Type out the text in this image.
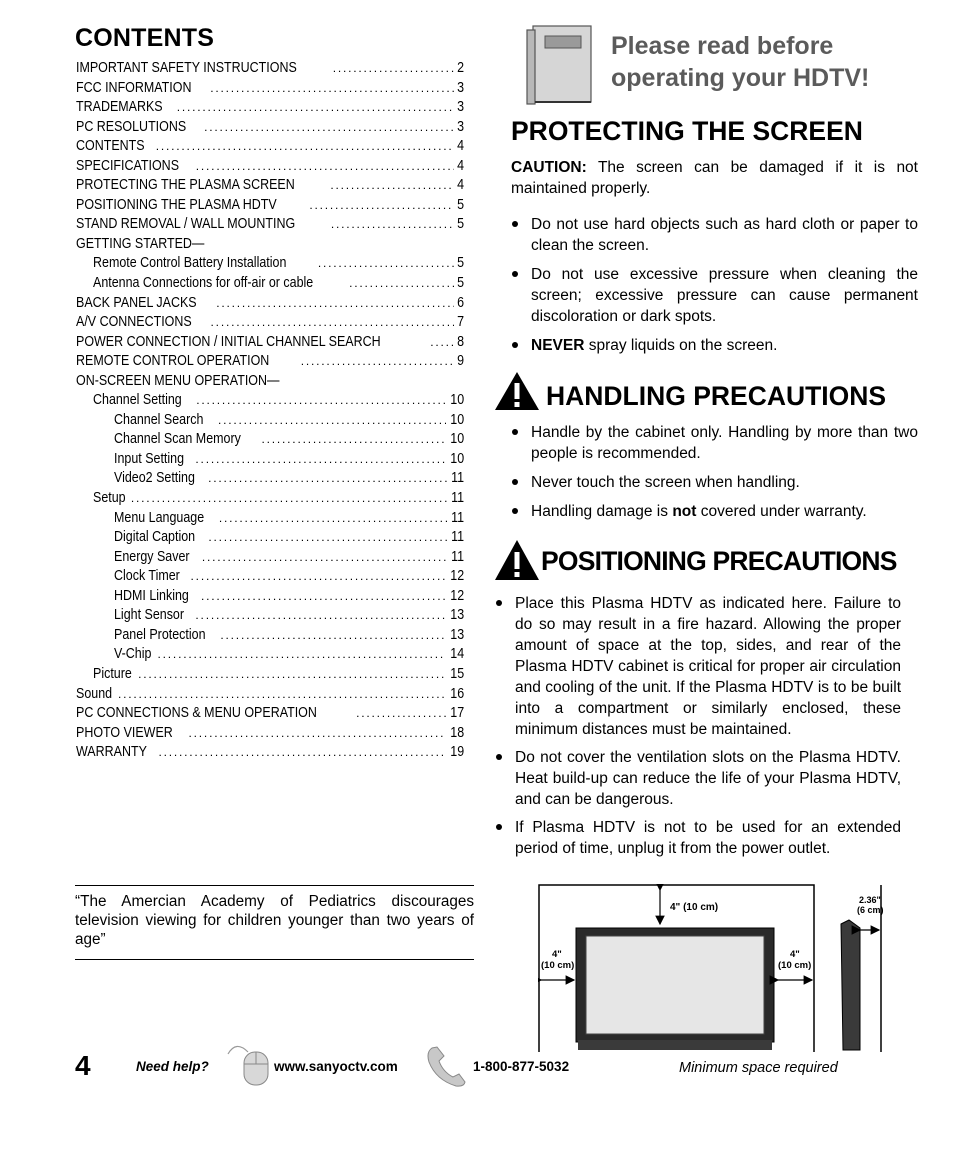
CONTENTS
IMPORTANT SAFETY INSTRUCTIONS .....	2
FCC INFORMATION .....	3
TRADEMARKS .....	3
PC RESOLUTIONS .....	3
CONTENTS .....	4
SPECIFICATIONS .....	4
PROTECTING THE PLASMA SCREEN .....	4
POSITIONING THE PLASMA HDTV .....	5
STAND REMOVAL / WALL MOUNTING .....	5
GETTING STARTED—
Remote Control Battery Installation .....	5
Antenna Connections for off-air or cable .....	5
BACK PANEL JACKS .....	6
A/V CONNECTIONS .....	7
POWER CONNECTION / INITIAL CHANNEL SEARCH .....	8
REMOTE CONTROL OPERATION .....	9
ON-SCREEN MENU OPERATION—
Channel Setting .....	10
Channel Search .....	10
Channel Scan Memory .....	10
Input Setting .....	10
Video2 Setting .....	11
Setup .....	11
Menu Language .....	11
Digital Caption .....	11
Energy Saver .....	11
Clock Timer .....	12
HDMI Linking .....	12
Light Sensor .....	13
Panel Protection .....	13
V-Chip .....	14
Picture .....	15
Sound .....	16
PC CONNECTIONS & MENU OPERATION .....	17
PHOTO VIEWER .....	18
WARRANTY .....	19
“The Amercian Academy of Pediatrics discourages television viewing for children younger than two years of age”
4	Need help?	www.sanyoctv.com	1-800-877-5032	Minimum space required
Please read before
operating your HDTV!
PROTECTING THE SCREEN
CAUTION: The screen can be damaged if it is not maintained properly.
Do not use hard objects such as hard cloth or paper to clean the screen.
Do not use excessive pressure when cleaning the screen; excessive pressure can cause permanent discoloration or dark spots.
NEVER spray liquids on the screen.
HANDLING PRECAUTIONS
Handle by the cabinet only. Handling by more than two people is recommended.
Never touch the screen when handling.
Handling damage is not covered under warranty.
POSITIONING PRECAUTIONS
Place this Plasma HDTV as indicated here. Failure to do so may result in a fire hazard. Allowing the proper amount of space at the top, sides, and rear of the Plasma HDTV cabinet is critical for proper air circulation and cooling of the unit. If the Plasma HDTV is to be built into a compartment or similarly enclosed, these minimum distances must be maintained.
Do not cover the ventilation slots on the Plasma HDTV. Heat build-up can reduce the life of your Plasma HDTV, and can be dangerous.
If Plasma HDTV is not to be used for an extended period of time, unplug it from the power outlet.
4" (10 cm)
4"
(10 cm)
4"
(10 cm)
2.36"
(6 cm)
